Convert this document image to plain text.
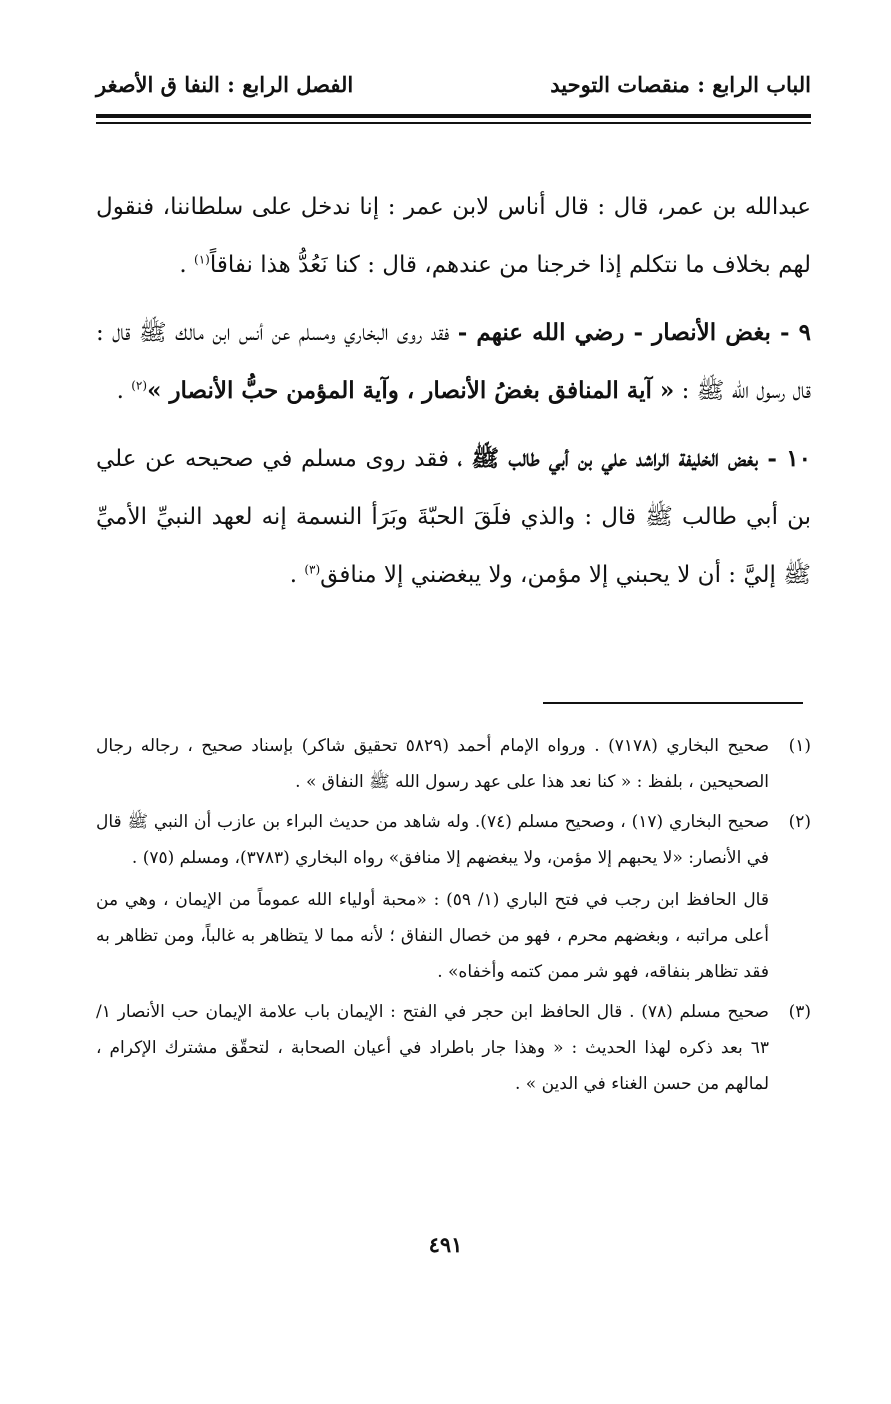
الباب الرابع : منقصات التوحيد
الفصل الرابع : النفا ق الأصغر

عبدالله بن عمر، قال : قال أناس لابن عمر : إنا ندخل على سلطاننا، فنقول لهم بخلاف ما نتكلم إذا خرجنا من عندهم، قال : كنا نَعُدُّ هذا نفاقاً$^{(١)}$ .

٩ - بغض الأنصار - رضي الله عنهم - فقد روى البخاري ومسلم عن أنس ابن مالك ﷺ قال : قال رسول الله ﷺ : « آية المنافق بغضُ الأنصار ، وآية المؤمن حبُّ الأنصار »$^{(٢)}$ .

١٠ - بغض الخليفة الراشد علي بن أبي طالب ﷺ ، فقد روى مسلم في صحيحه عن علي بن أبي طالب ﷺ قال : والذي فلَقَ الحبّةَ وبَرَأ النسمة إنه لعهد النبيِّ الأميِّ ﷺ إليَّ : أن لا يحبني إلا مؤمن، ولا يبغضني إلا منافق$^{(٣)}$ .

(١)
صحيح البخاري (٧١٧٨) . ورواه الإمام أحمد (٥٨٢٩ تحقيق شاكر) بإسناد صحيح ، رجاله رجال الصحيحين ، بلفظ : « كنا نعد هذا على عهد رسول الله ﷺ النفاق » .
(٢)
صحيح البخاري (١٧) ، وصحيح مسلم (٧٤). وله شاهد من حديث البراء بن عازب أن النبي ﷺ قال في الأنصار: «لا يحبهم إلا مؤمن، ولا يبغضهم إلا منافق» رواه البخاري (٣٧٨٣)، ومسلم (٧٥) .
قال الحافظ ابن رجب في فتح الباري (١/ ٥٩) : «محبة أولياء الله عموماً من الإيمان ، وهي من أعلى مراتبه ، وبغضهم محرم ، فهو من خصال النفاق ؛ لأنه مما لا يتظاهر به غالباً، ومن تظاهر به فقد تظاهر بنفاقه، فهو شر ممن كتمه وأخفاه» .
(٣)
صحيح مسلم (٧٨) . قال الحافظ ابن حجر في الفتح : الإيمان باب علامة الإيمان حب الأنصار ١/ ٦٣ بعد ذكره لهذا الحديث : « وهذا جار باطراد في أعيان الصحابة ، لتحقّق مشترك الإكرام ، لمالهم من حسن الغناء في الدين » .
٤٩١
